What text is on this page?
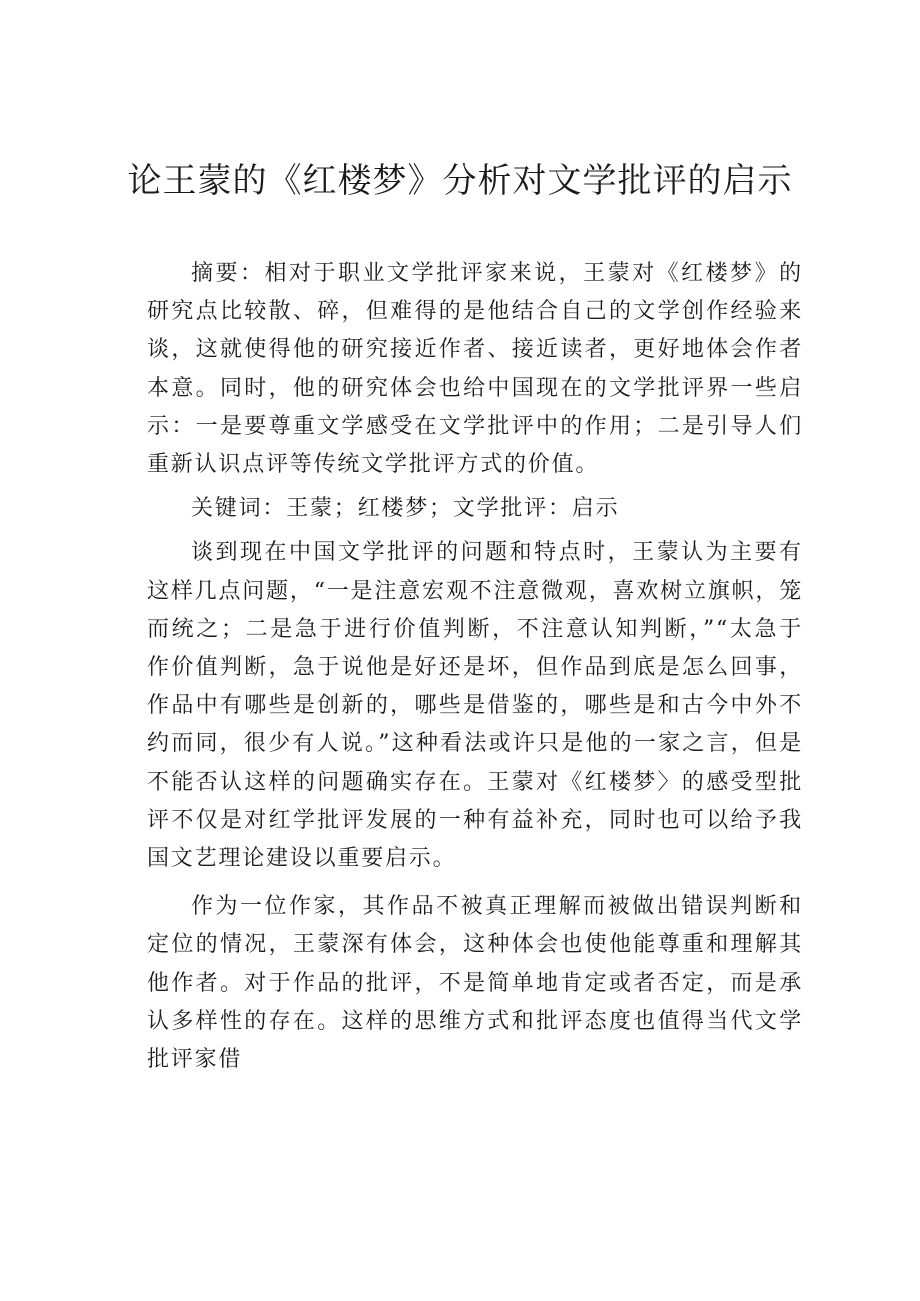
论王蒙的《红楼梦》分析对文学批评的启示

摘要：相对于职业文学批评家来说，王蒙对《红楼梦》的研究点比较散、碎，但难得的是他结合自己的文学创作经验来谈，这就使得他的研究接近作者、接近读者，更好地体会作者本意。同时，他的研究体会也给中国现在的文学批评界一些启示：一是要尊重文学感受在文学批评中的作用；二是引导人们重新认识点评等传统文学批评方式的价值。

关键词：王蒙；红楼梦；文学批评：启示

谈到现在中国文学批评的问题和特点时，王蒙认为主要有这样几点问题，“一是注意宏观不注意微观，喜欢树立旗帜，笼而统之；二是急于进行价值判断，不注意认知判断，”“太急于作价值判断，急于说他是好还是坏，但作品到底是怎么回事，作品中有哪些是创新的，哪些是借鉴的，哪些是和古今中外不约而同，很少有人说。”这种看法或许只是他的一家之言，但是不能否认这样的问题确实存在。王蒙对《红楼梦〉的感受型批评不仅是对红学批评发展的一种有益补充，同时也可以给予我国文艺理论建设以重要启示。

作为一位作家，其作品不被真正理解而被做出错误判断和定位的情况，王蒙深有体会，这种体会也使他能尊重和理解其他作者。对于作品的批评，不是简单地肯定或者否定，而是承认多样性的存在。这样的思维方式和批评态度也值得当代文学批评家借
